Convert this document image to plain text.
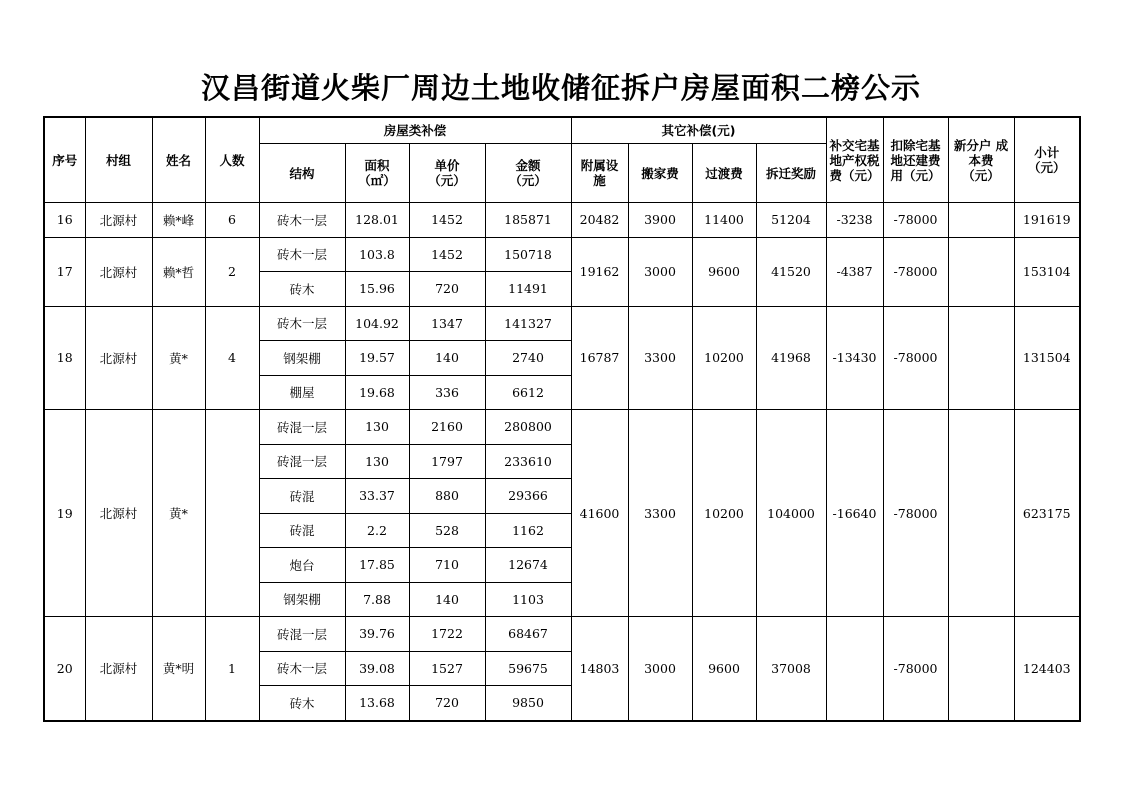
汉昌街道火柴厂周边土地收储征拆户房屋面积二榜公示
序号	村组	姓名	人数	房屋类补偿				其它补偿(元)				补交宅基
地产权税
费（元）	扣除宅基
地还建费
用（元）	新分户 成
本费
（元）	小计
（元）
				结构	面积
（㎡）	单价
（元）	金额
（元）	附属设
施	搬家费	过渡费	拆迁奖励				
16	北源村	赖*峰	6	砖木一层	128.01	1452	185871	20482	3900	11400	51204	-3238	-78000		191619
17	北源村	赖*哲	2	砖木一层	103.8	1452	150718	19162	3000	9600	41520	-4387	-78000		153104
				砖木	15.96	720	11491								
18	北源村	黄*	4	砖木一层	104.92	1347	141327	16787	3300	10200	41968	-13430	-78000		131504
				钢架棚	19.57	140	2740								
				棚屋	19.68	336	6612								
19	北源村	黄*		砖混一层	130	2160	280800	41600	3300	10200	104000	-16640	-78000		623175
				砖混一层	130	1797	233610								
				砖混	33.37	880	29366								
				砖混	2.2	528	1162								
				炮台	17.85	710	12674								
				钢架棚	7.88	140	1103								
20	北源村	黄*明	1	砖混一层	39.76	1722	68467	14803	3000	9600	37008		-78000		124403
				砖木一层	39.08	1527	59675								
				砖木	13.68	720	9850								
